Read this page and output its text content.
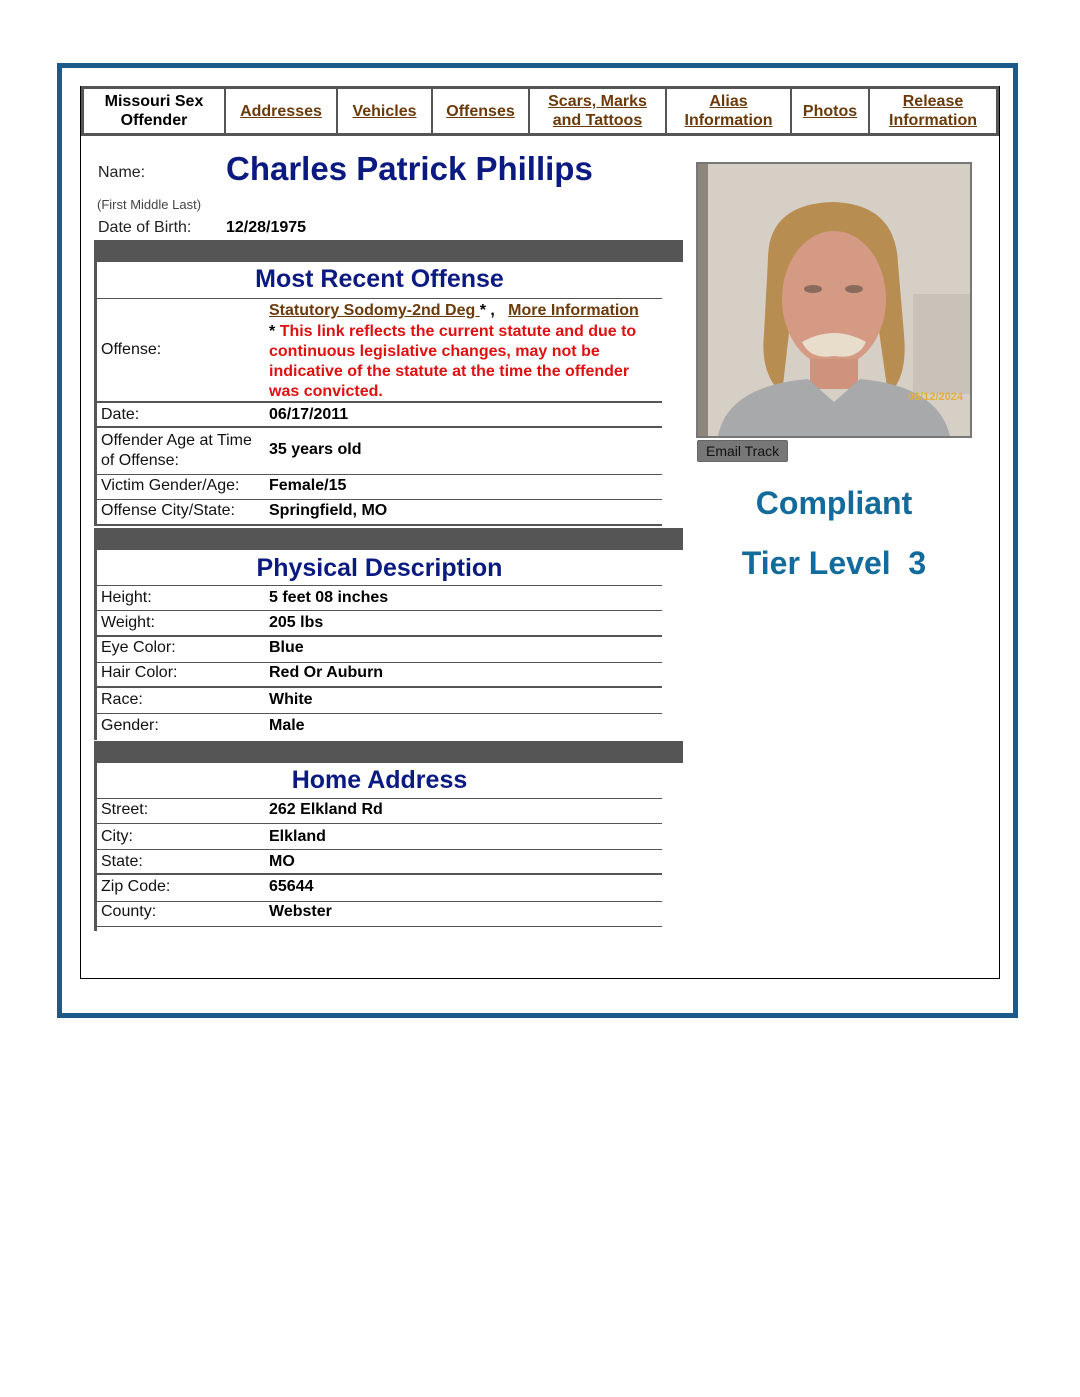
Missouri Sex Offender
Addresses Vehicles Offenses
Scars, Marks and Tattoos
Alias Information
Photos
Release Information
Name: Charles Patrick Phillips
(First Middle Last)
Date of Birth: 12/28/1975
Most Recent Offense
Offense:
Statutory Sodomy-2nd Deg * , More Information
* This link reflects the current statute and due to continuous legislative changes, may not be indicative of the statute at the time the offender was convicted.
Date:	06/17/2011
Offender Age at Time of Offense:
35 years old
Victim Gender/Age: Female/15
Offense City/State: Springfield, MO
Physical Description
Height:	5 feet 08 inches
Weight:	205 lbs
Eye Color:	Blue
Hair Color:	Red Or Auburn
Race:	White
Gender:	Male
Home Address
Street:	262 Elkland Rd
City:	Elkland
State:	MO
Zip Code:	65644
County:	Webster
06/12/2024
Email Track
Compliant
Tier Level 3
